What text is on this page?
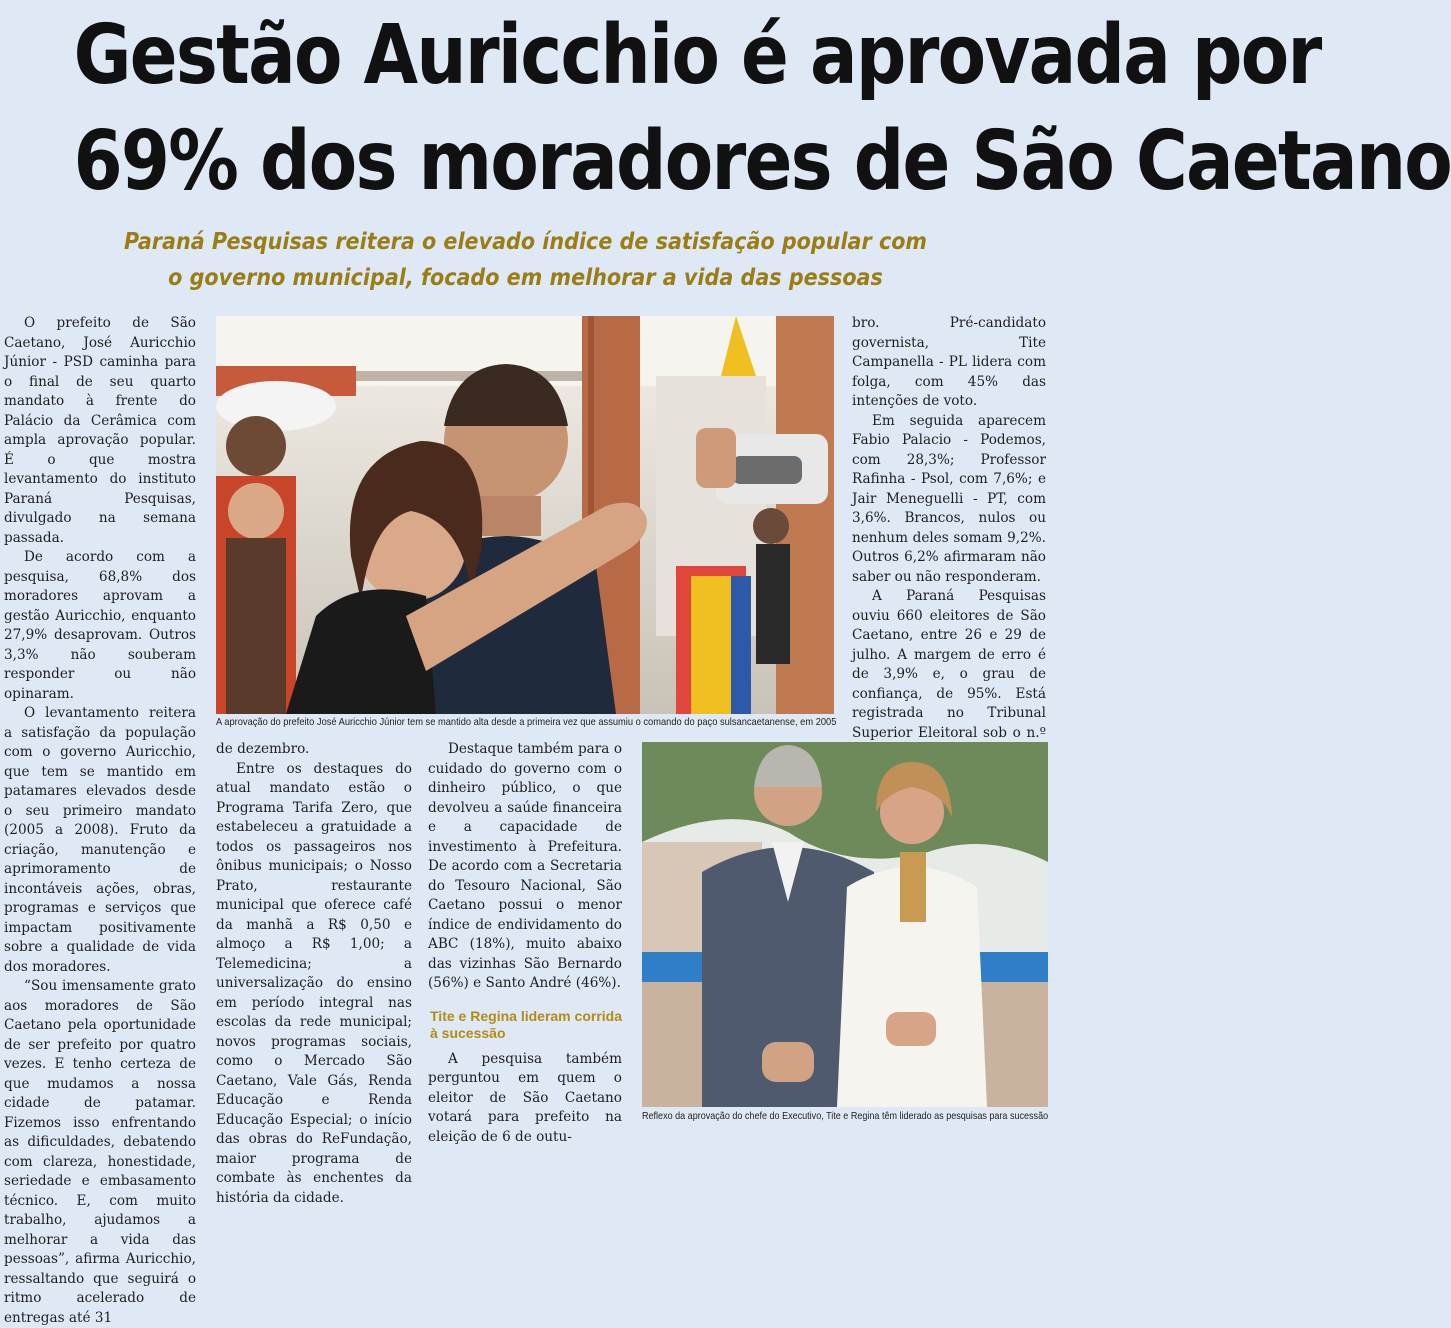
Gestão Auricchio é aprovada por
69% dos moradores de São Caetano
Paraná Pesquisas reitera o elevado índice de satisfação popular com
o governo municipal, focado em melhorar a vida das pessoas

O prefeito de São Caetano, José Auricchio Júnior - PSD caminha para o final de seu quarto mandato à frente do Palácio da Cerâmica com ampla aprovação popular. É o que mostra levantamento do instituto Paraná Pesquisas, divulgado na semana passada.

De acordo com a pesquisa, 68,8% dos moradores aprovam a gestão Auricchio, enquanto 27,9% desaprovam. Outros 3,3% não souberam responder ou não opinaram.

O levantamento reitera a satisfação da população com o governo Auricchio, que tem se mantido em patamares elevados desde o seu primeiro mandato (2005 a 2008). Fruto da criação, manutenção e aprimoramento de incontáveis ações, obras, programas e serviços que impactam positivamente sobre a qualidade de vida dos moradores.

“Sou imensamente grato aos moradores de São Caetano pela oportunidade de ser prefeito por quatro vezes. E tenho certeza de que mudamos a nossa cidade de patamar. Fizemos isso enfrentando as dificuldades, debatendo com clareza, honestidade, seriedade e embasamento técnico. E, com muito trabalho, ajudamos a melhorar a vida das pessoas”, afirma Auricchio, ressaltando que seguirá o ritmo acelerado de entregas até 31

A aprovação do prefeito José Auricchio Júnior tem se mantido alta desde a primeira vez que assumiu o comando do paço sulsancaetanense, em 2005

de dezembro.

Entre os destaques do atual mandato estão o Programa Tarifa Zero, que estabeleceu a gratuidade a todos os passageiros nos ônibus municipais; o Nosso Prato, restaurante municipal que oferece café da manhã a R$ 0,50 e almoço a R$ 1,00; a Telemedicina; a universalização do ensino em período integral nas escolas da rede municipal; novos programas sociais, como o Mercado São Caetano, Vale Gás, Renda Educação e Renda Educação Especial; o início das obras do ReFundação, maior programa de combate às enchentes da história da cidade.

Destaque também para o cuidado do governo com o dinheiro público, o que devolveu a saúde financeira e a capacidade de investimento à Prefeitura. De acordo com a Secretaria do Tesouro Nacional, São Caetano possui o menor índice de endividamento do ABC (18%), muito abaixo das vizinhas São Bernardo (56%) e Santo André (46%).

Tite e Regina lideram corrida à sucessão

A pesquisa também perguntou em quem o eleitor de São Caetano votará para prefeito na eleição de 6 de outu-

bro. Pré-candidato governista, Tite Campanella - PL lidera com folga, com 45% das intenções de voto.

Em seguida aparecem Fabio Palacio - Podemos, com 28,3%; Professor Rafinha - Psol, com 7,6%; e Jair Meneguelli - PT, com 3,6%. Brancos, nulos ou nenhum deles somam 9,2%. Outros 6,2% afirmaram não saber ou não responderam.

A Paraná Pesquisas ouviu 660 eleitores de São Caetano, entre 26 e 29 de julho. A margem de erro é de 3,9% e, o grau de confiança, de 95%. Está registrada no Tribunal Superior Eleitoral sob o n.º

Reflexo da aprovação do chefe do Executivo, Tite e Regina têm liderado as pesquisas para sucessão
